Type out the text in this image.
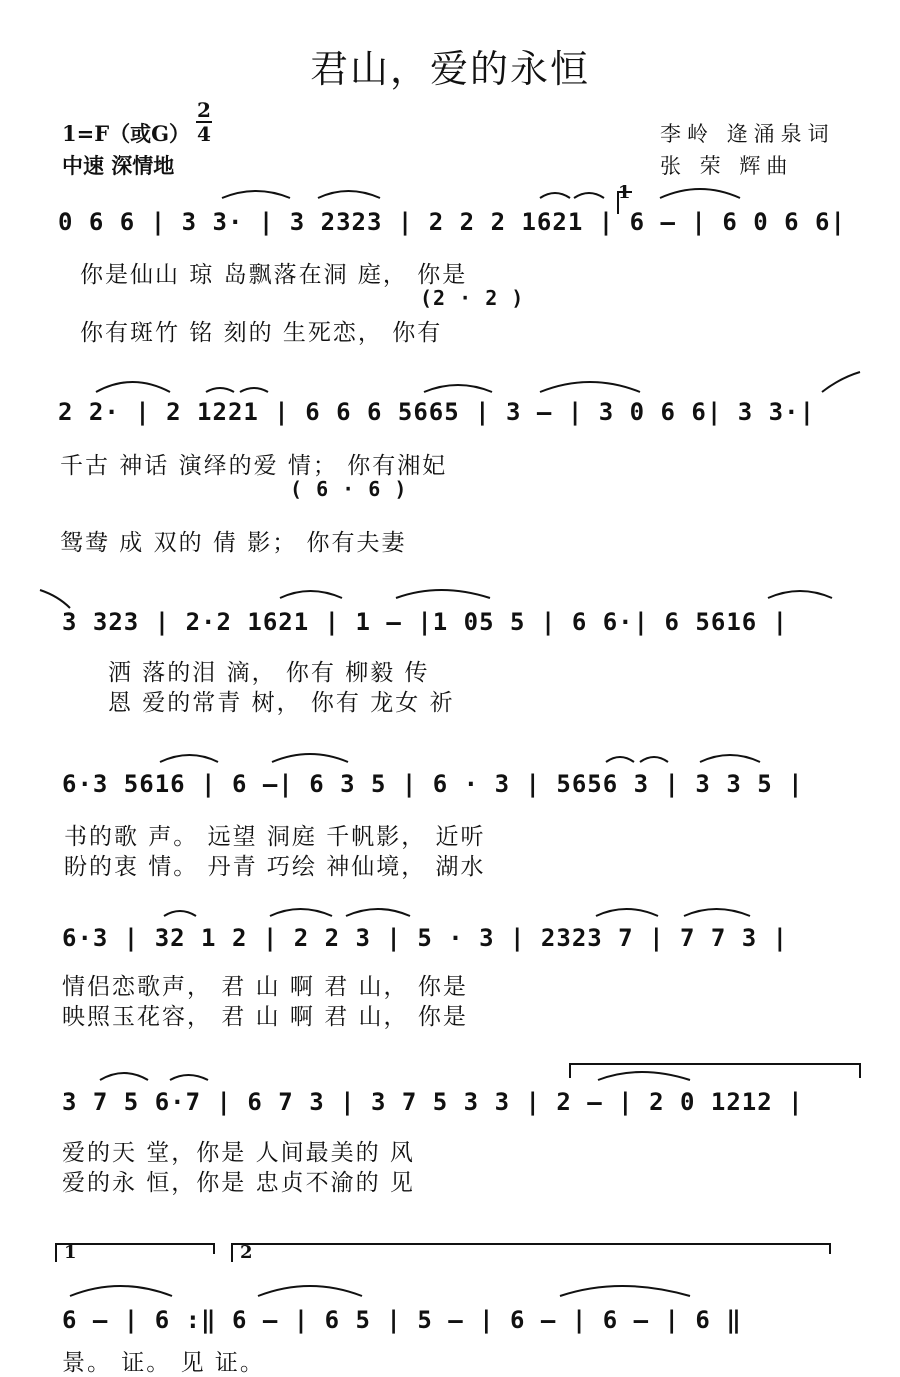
君山，爱的永恒
1=F（或G）
2
4
中速 深情地
李岭 逄涌泉词
张 荣 辉曲
1
0 6 6 | 3 3· | 3 2323 | 2 2 2 1621 | 6 – | 6 0 6 6|
你是仙山 琼 岛飘落在洞 庭， 你是
(2 · 2 )
你有斑竹 铭 刻的 生死恋， 你有
2 2· | 2 1221 | 6 6 6 5665 | 3 – | 3 0 6 6| 3 3·|
千古 神话 演绎的爱 情； 你有湘妃
( 6 · 6 )
鸳鸯 成 双的 倩 影； 你有夫妻
3 323 | 2·2 1621 | 1 – |1 05 5 | 6 6·| 6 5616 |
洒 落的泪 滴， 你有 柳毅 传
恩 爱的常青 树， 你有 龙女 祈
6·3 5616 | 6 –| 6 3 5 | 6 · 3 | 5656 3 | 3 3 5 |
书的歌 声。 远望 洞庭 千帆影， 近听
盼的衷 情。 丹青 巧绘 神仙境， 湖水
6·3 | 32 1 2 | 2 2 3 | 5 · 3 | 2323 7 | 7 7 3 |
情侣恋歌声， 君 山 啊 君 山， 你是
映照玉花容， 君 山 啊 君 山， 你是
3 7 5 6·7 | 6 7 3 | 3 7 5 3 3 | 2 – | 2 0 1212 |
爱的天 堂，你是 人间最美的 风
爱的永 恒，你是 忠贞不渝的 见
1	2
6 – | 6 :‖ 6 – | 6 5 | 5 – | 6 – | 6 – | 6 ‖
景。 证。 见 证。
